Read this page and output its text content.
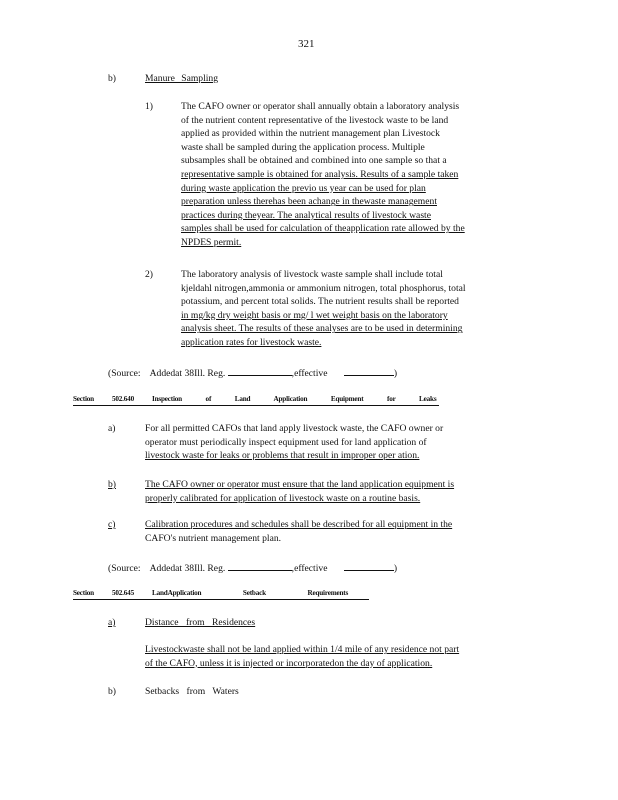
321
b)	Manure Sampling
1)	The CAFO owner or operator shall annually obtain a laboratory analysis
of the nutrient content representative of the livestock waste to be land
applied as provided within the nutrient management plan Livestock
waste shall be sampled during the application process. Multiple
subsamples shall be obtained and combined into one sample so that a
representative sample is obtained for analysis. Results of a sample taken
during waste application the previo us year can be used for plan
preparation unless therehas been achange in thewaste management
practices during theyear. The analytical results of livestock waste
samples shall be used for calculation of theapplication rate allowed by the
NPDES permit.
2)	The laboratory analysis of livestock waste sample shall include total
kjeldahl nitrogen,ammonia or ammonium nitrogen, total phosphorus, total
potassium, and percent total solids. The nutrient results shall be reported
in mg/kg dry weight basis or mg/ l wet weight basis on the laboratory
analysis sheet. The results of these analyses are to be used in determining
application rates for livestock waste.
(Source: Addedat 38Ill. Reg.	,effective	)
Section	502.640	Inspection of Land Application Equipment for Leaks
a)	For all permitted CAFOs that land apply livestock waste, the CAFO owner or
operator must periodically inspect equipment used for land application of
livestock waste for leaks or problems that result in improper oper ation.
b)	The CAFO owner or operator must ensure that the land application equipment is
properly calibrated for application of livestock waste on a routine basis.
c)	Calibration procedures and schedules shall be described for all equipment in the
CAFO's nutrient management plan.
(Source: Addedat 38Ill. Reg.	,effective	)
Section	502.645	LandApplication Setback Requirements
a)	Distance from Residences
Livestockwaste shall not be land applied within 1/4 mile of any residence not part
of the CAFO, unless it is injected or incorporatedon the day of application.
b)	Setbacks from Waters
